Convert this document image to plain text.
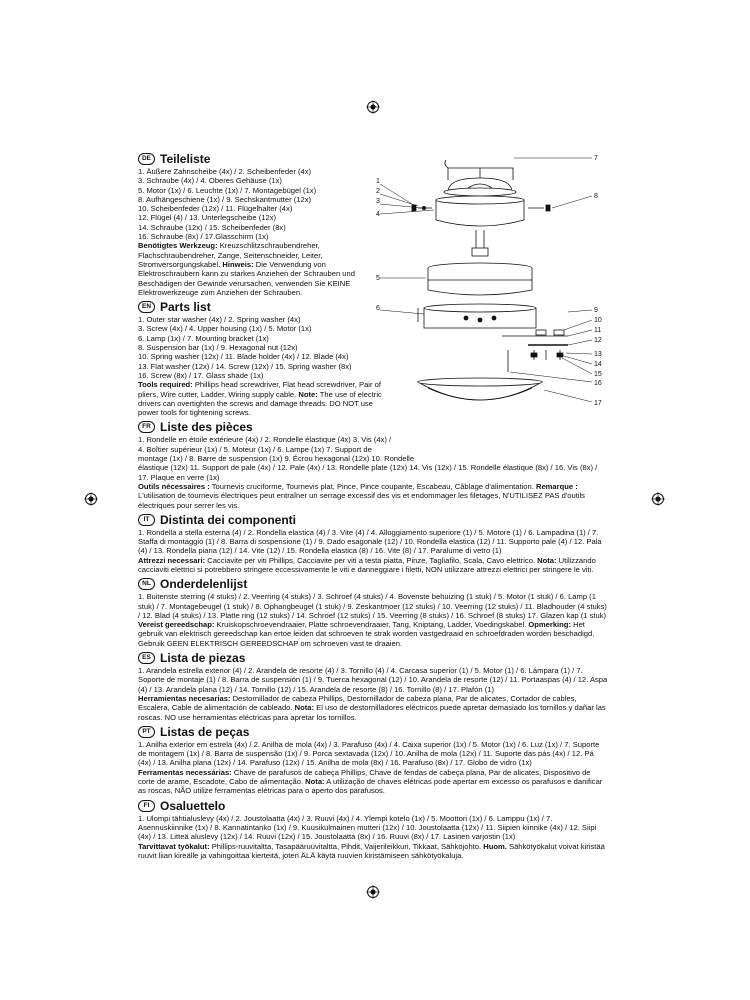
1
2
3
4
5
6
7
8
9
10
11
12
13
14
15
16
17
DE Teileliste

1. Äußere Zahnscheibe (4x) / 2. Scheibenfeder (4x)

3. Schraube (4x) / 4. Oberes Gehäuse (1x)

5. Motor (1x) / 6. Leuchte (1x) / 7. Montagebügel (1x)

8. Aufhängeschiene (1x) / 9. Sechskantmutter (12x)

10. Scheibenfeder (12x) / 11. Flügelhalter (4x)

12. Flügel (4) / 13. Unterlegscheibe (12x)

14. Schraube (12x) / 15. Scheibenfeder (8x)

16. Schraube (8x) / 17.Glasschirm (1x)

Benötigtes Werkzeug: Kreuzschlitzschraubendreher, Flachschraubendreher, Zange, Seitenschneider, Leiter, Stromversorgungskabel. Hinweis: Die Verwendung von Elektroschraubern kann zu starkes Anziehen der Schrauben und Beschädigen der Gewinde verursachen, verwenden Sie KEINE Elektrowerkzeuge zum Anziehen der Schrauben.

EN Parts list

1. Outer star washer (4x) / 2. Spring washer (4x)

3. Screw (4x) / 4. Upper housing (1x) / 5. Motor (1x)

6. Lamp (1x) / 7. Mounting bracket (1x)

8. Suspension bar (1x) / 9. Hexagonal nut (12x)

10. Spring washer (12x) / 11. Blade holder (4x) / 12. Blade (4x)

13. Flat washer (12x) / 14. Screw (12x) / 15. Spring washer (8x)

16. Screw (8x) / 17. Glass shade (1x)

Tools required: Phillips head screwdriver, Flat head screwdriver, Pair of pliers, Wire cutter, Ladder, Wiring supply cable. Note: The use of electric drivers can overtighten the screws and damage threads. DO NOT use power tools for tightening screws.

FR Liste des pièces

1. Rondelle en étoile extérieure (4x) / 2. Rondelle élastique (4x) 3. Vis (4x) /

4. Boîtier supérieur (1x) / 5. Moteur (1x) / 6. Lampe (1x) 7. Support de

montage (1x) / 8. Barre de suspension (1x) 9. Écrou hexagonal (12x) 10. Rondelle

élastique (12x) 11. Support de pale (4x) / 12. Pale (4x) / 13. Rondelle plate (12x) 14. Vis (12x) / 15. Rondelle élastique (8x) / 16. Vis (8x) /

17. Plaque en verre (1x)

Outils nécessaires : Tournevis cruciforme, Tournevis plat, Pince, Pince coupante, Escabeau, Câblage d'alimentation. Remarque : L'utilisation de tournevis électriques peut entraîner un serrage excessif des vis et endommager les filetages, N'UTILISEZ PAS d'outils électriques pour serrer les vis.

IT Distinta dei componenti

1. Rondella a stella esterna (4) / 2. Rondella elastica (4) / 3. Vite (4) / 4. Alloggiamento superiore (1) / 5. Motore (1) / 6. Lampadina (1) / 7. Staffa di montaggio (1) / 8. Barra di sospensione (1) / 9. Dado esagonale (12) / 10. Rondella elastica (12) / 11. Supporto pale (4) / 12. Pala (4) / 13. Rondella piana (12) / 14. Vite (12) / 15. Rondella elastica (8) / 16. Vite (8) / 17. Paralume di vetro (1)

Attrezzi necessari: Cacciavite per viti Phillips, Cacciavite per viti a testa piatta, Pinze, Tagliafilo, Scala, Cavo elettrico. Nota: Utilizzando cacciaviti elettrici si potrebbero stringere eccessivamente le viti e danneggiare i filetti, NON utilizzare attrezzi elettrici per stringere le viti.

NL Onderdelenlijst

1. Buitenste sterring (4 stuks) / 2. Veerring (4 stuks) / 3. Schroef (4 stuks) / 4. Bovenste behuizing (1 stuk) / 5. Motor (1 stuk) / 6. Lamp (1 stuk) / 7. Montagebeugel (1 stuk) / 8. Ophangbeugel (1 stuk) / 9. Zeskantmoer (12 stuks) / 10. Veerring (12 stuks) / 11. Bladhouder (4 stuks) / 12. Blad (4 stuks) / 13. Platte ring (12 stuks) / 14. Schroef (12 stuks) / 15. Veerring (8 stuks) / 16. Schroef (8 stuks) 17. Glazen kap (1 stuk)

Vereist gereedschap: Kruiskopschroevendraaier, Platte schroevendraaier, Tang, Kniptang, Ladder, Voedingskabel. Opmerking: Het gebruik van elektrisch gereedschap kan ertoe leiden dat schroeven te strak worden vastgedraaid en schroefdraden worden beschadigd. Gebruik GEEN ELEKTRISCH GEREEDSCHAP om schroeven vast te draaien.

ES Lista de piezas

1. Arandela estrella exterior (4) / 2. Arandela de resorte (4) / 3. Tornillo (4) / 4. Carcasa superior (1) / 5. Motor (1) / 6. Lámpara (1) / 7. Soporte de montaje (1) / 8. Barra de suspensión (1) / 9. Tuerca hexagonal (12) / 10. Arandela de resorte (12) / 11. Portaaspas (4) / 12. Aspa (4) / 13. Arandela plana (12) / 14. Tornillo (12) / 15. Arandela de resorte (8) / 16. Tornillo (8) / 17. Plafón (1)

Herramientas necesarias: Destornillador de cabeza Phillips, Destornillador de cabeza plana, Par de alicates, Cortador de cables, Escalera, Cable de alimentación de cableado. Nota: El uso de destornilladores eléctricos puede apretar demasiado los tornillos y dañar las roscas. NO use herramientas eléctricas para apretar los tornillos.

PT Listas de peças

1. Anilha exterior em estrela (4x) / 2. Anilha de mola (4x) / 3. Parafuso (4x) / 4. Caixa superior (1x) / 5. Motor (1x) / 6. Luz (1x) / 7. Suporte de montagem (1x) / 8. Barra de suspensão (1x) / 9. Porca sextavada (12x) / 10. Anilha de mola (12x) / 11. Suporte das pás (4x) / 12. Pá (4x) / 13. Anilha plana (12x) / 14. Parafuso (12x) / 15. Anilha de mola (8x) / 16. Parafuso (8x) / 17. Globo de vidro (1x)

Ferramentas necessárias: Chave de parafusos de cabeça Phillips, Chave de fendas de cabeça plana, Par de alicates, Dispositivo de corte de arame, Escadote, Cabo de alimentação. Nota: A utilização de chaves elétricas pode apertar em excesso os parafusos e danificar as roscas, NÃO utilize ferramentas elétricas para o aperto dos parafusos.

FI Osaluettelo

1. Ulompi tähtialuslevy (4x) / 2. Joustolaatta (4x) / 3. Ruuvi (4x) / 4. Ylempi kotelo (1x) / 5. Moottori (1x) / 6. Lamppu (1x) / 7. Asennuskiinnike (1x) / 8. Kannatintanko (1x) / 9. Kuusikulmainen mutteri (12x) / 10. Joustolaatta (12x) / 11. Siipien kiinnike (4x) / 12. Siipi (4x) / 13. Litteä aluslevy (12x) / 14. Ruuvi (12x) / 15. Joustolaatta (8x) / 16. Ruuvi (8x) / 17. Lasinen varjostin (1x)

Tarvittavat työkalut: Phillips-ruuvitaltta, Tasapääruuvitaltta, Pihdit, Vaijerileikkuri, Tikkaat, Sähköjohto. Huom. Sähkötyökalut voivat kiristää ruuvit liian kireälle ja vahingoittaa kierteitä, joten ÄLÄ käytä ruuvien kiristämiseen sähkötyökaluja.
